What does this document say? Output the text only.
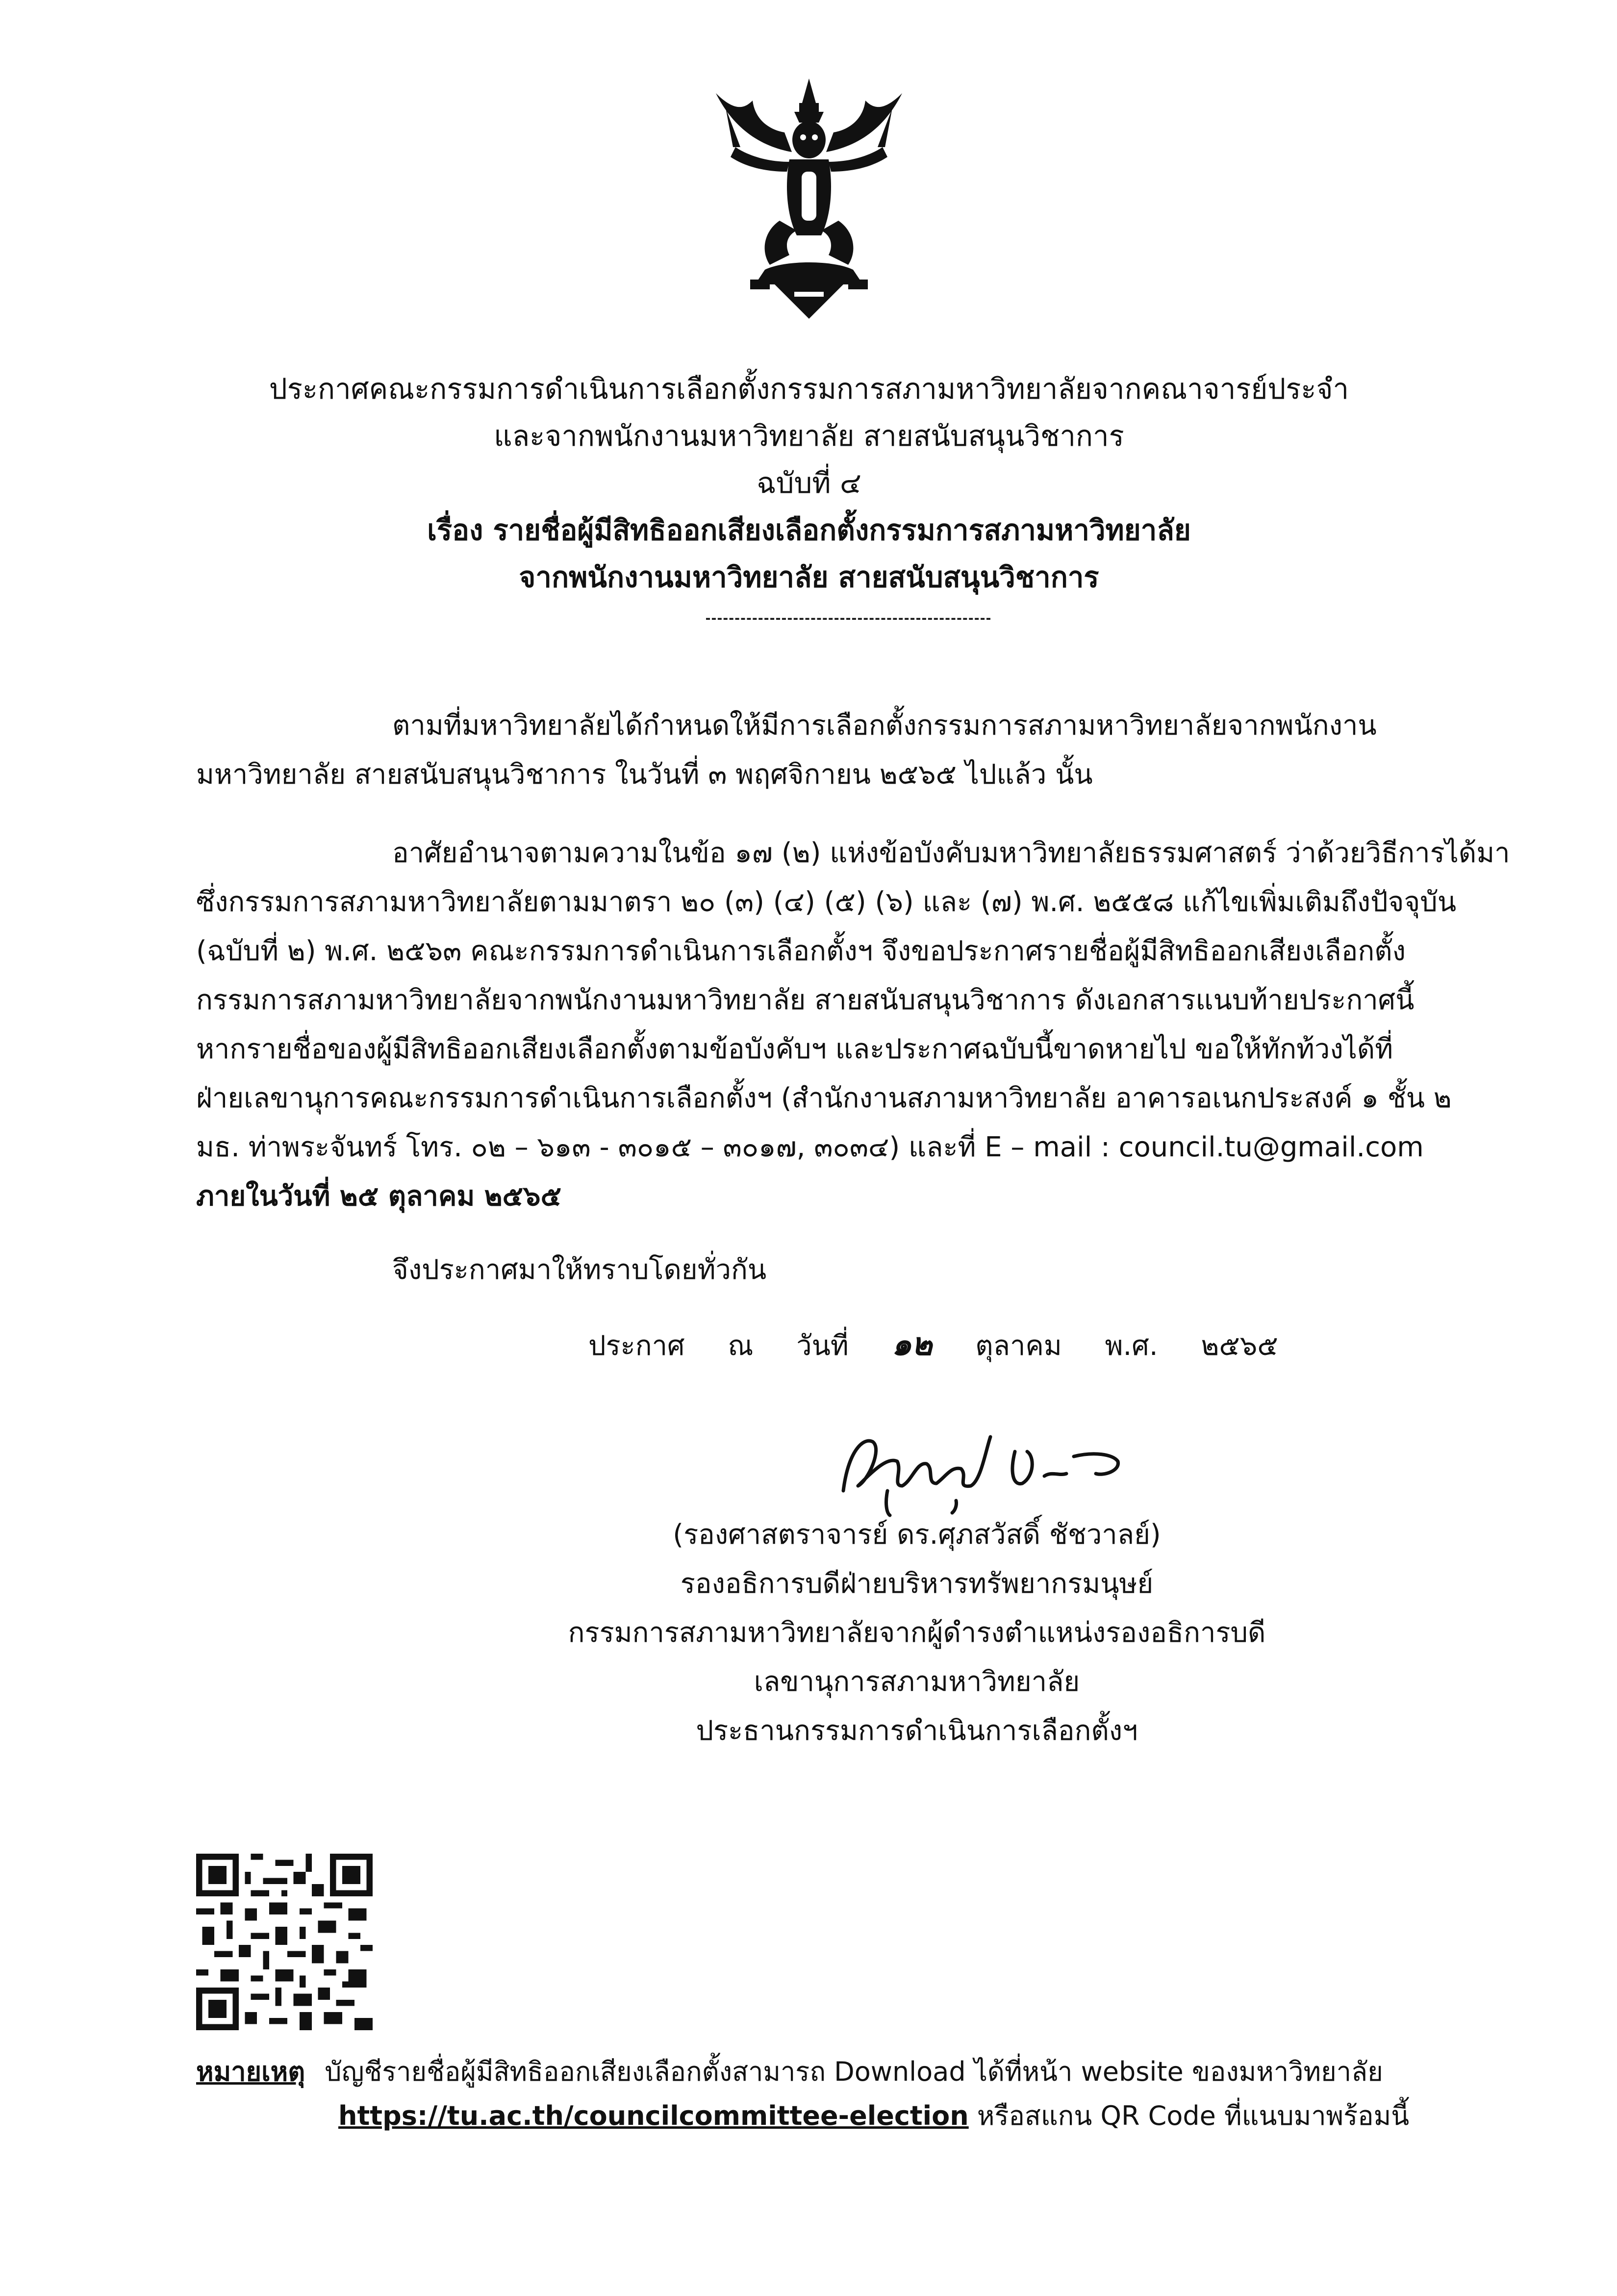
ประกาศคณะกรรมการดำเนินการเลือกตั้งกรรมการสภามหาวิทยาลัยจากคณาจารย์ประจำ
และจากพนักงานมหาวิทยาลัย สายสนับสนุนวิชาการ
ฉบับที่ ๔
เรื่อง รายชื่อผู้มีสิทธิออกเสียงเลือกตั้งกรรมการสภามหาวิทยาลัย
จากพนักงานมหาวิทยาลัย สายสนับสนุนวิชาการ
ตามที่มหาวิทยาลัยได้กำหนดให้มีการเลือกตั้งกรรมการสภามหาวิทยาลัยจากพนักงาน
มหาวิทยาลัย สายสนับสนุนวิชาการ ในวันที่ ๓ พฤศจิกายน ๒๕๖๕ ไปแล้ว นั้น
อาศัยอำนาจตามความในข้อ ๑๗ (๒) แห่งข้อบังคับมหาวิทยาลัยธรรมศาสตร์ ว่าด้วยวิธีการได้มา
ซึ่งกรรมการสภามหาวิทยาลัยตามมาตรา ๒๐ (๓) (๔) (๕) (๖) และ (๗) พ.ศ. ๒๕๕๘ แก้ไขเพิ่มเติมถึงปัจจุบัน
(ฉบับที่ ๒) พ.ศ. ๒๕๖๓ คณะกรรมการดำเนินการเลือกตั้งฯ จึงขอประกาศรายชื่อผู้มีสิทธิออกเสียงเลือกตั้ง
กรรมการสภามหาวิทยาลัยจากพนักงานมหาวิทยาลัย สายสนับสนุนวิชาการ ดังเอกสารแนบท้ายประกาศนี้
หากรายชื่อของผู้มีสิทธิออกเสียงเลือกตั้งตามข้อบังคับฯ และประกาศฉบับนี้ขาดหายไป ขอให้ทักท้วงได้ที่
ฝ่ายเลขานุการคณะกรรมการดำเนินการเลือกตั้งฯ (สำนักงานสภามหาวิทยาลัย อาคารอเนกประสงค์ ๑ ชั้น ๒
มธ. ท่าพระจันทร์ โทร. ๐๒ – ๖๑๓ - ๓๐๑๕ – ๓๐๑๗, ๓๐๓๔) และที่ E – mail : council.tu@gmail.com
ภายในวันที่ ๒๕ ตุลาคม ๒๕๖๕
จึงประกาศมาให้ทราบโดยทั่วกัน
ประกาศ ณ วันที่ ๑๒ ตุลาคม พ.ศ. ๒๕๖๕
(รองศาสตราจารย์ ดร.ศุภสวัสดิ์ ชัชวาลย์)
รองอธิการบดีฝ่ายบริหารทรัพยากรมนุษย์
กรรมการสภามหาวิทยาลัยจากผู้ดำรงตำแหน่งรองอธิการบดี
เลขานุการสภามหาวิทยาลัย
ประธานกรรมการดำเนินการเลือกตั้งฯ
หมายเหตุ บัญชีรายชื่อผู้มีสิทธิออกเสียงเลือกตั้งสามารถ Download ได้ที่หน้า website ของมหาวิทยาลัย
https://tu.ac.th/councilcommittee-election หรือสแกน QR Code ที่แนบมาพร้อมนี้
